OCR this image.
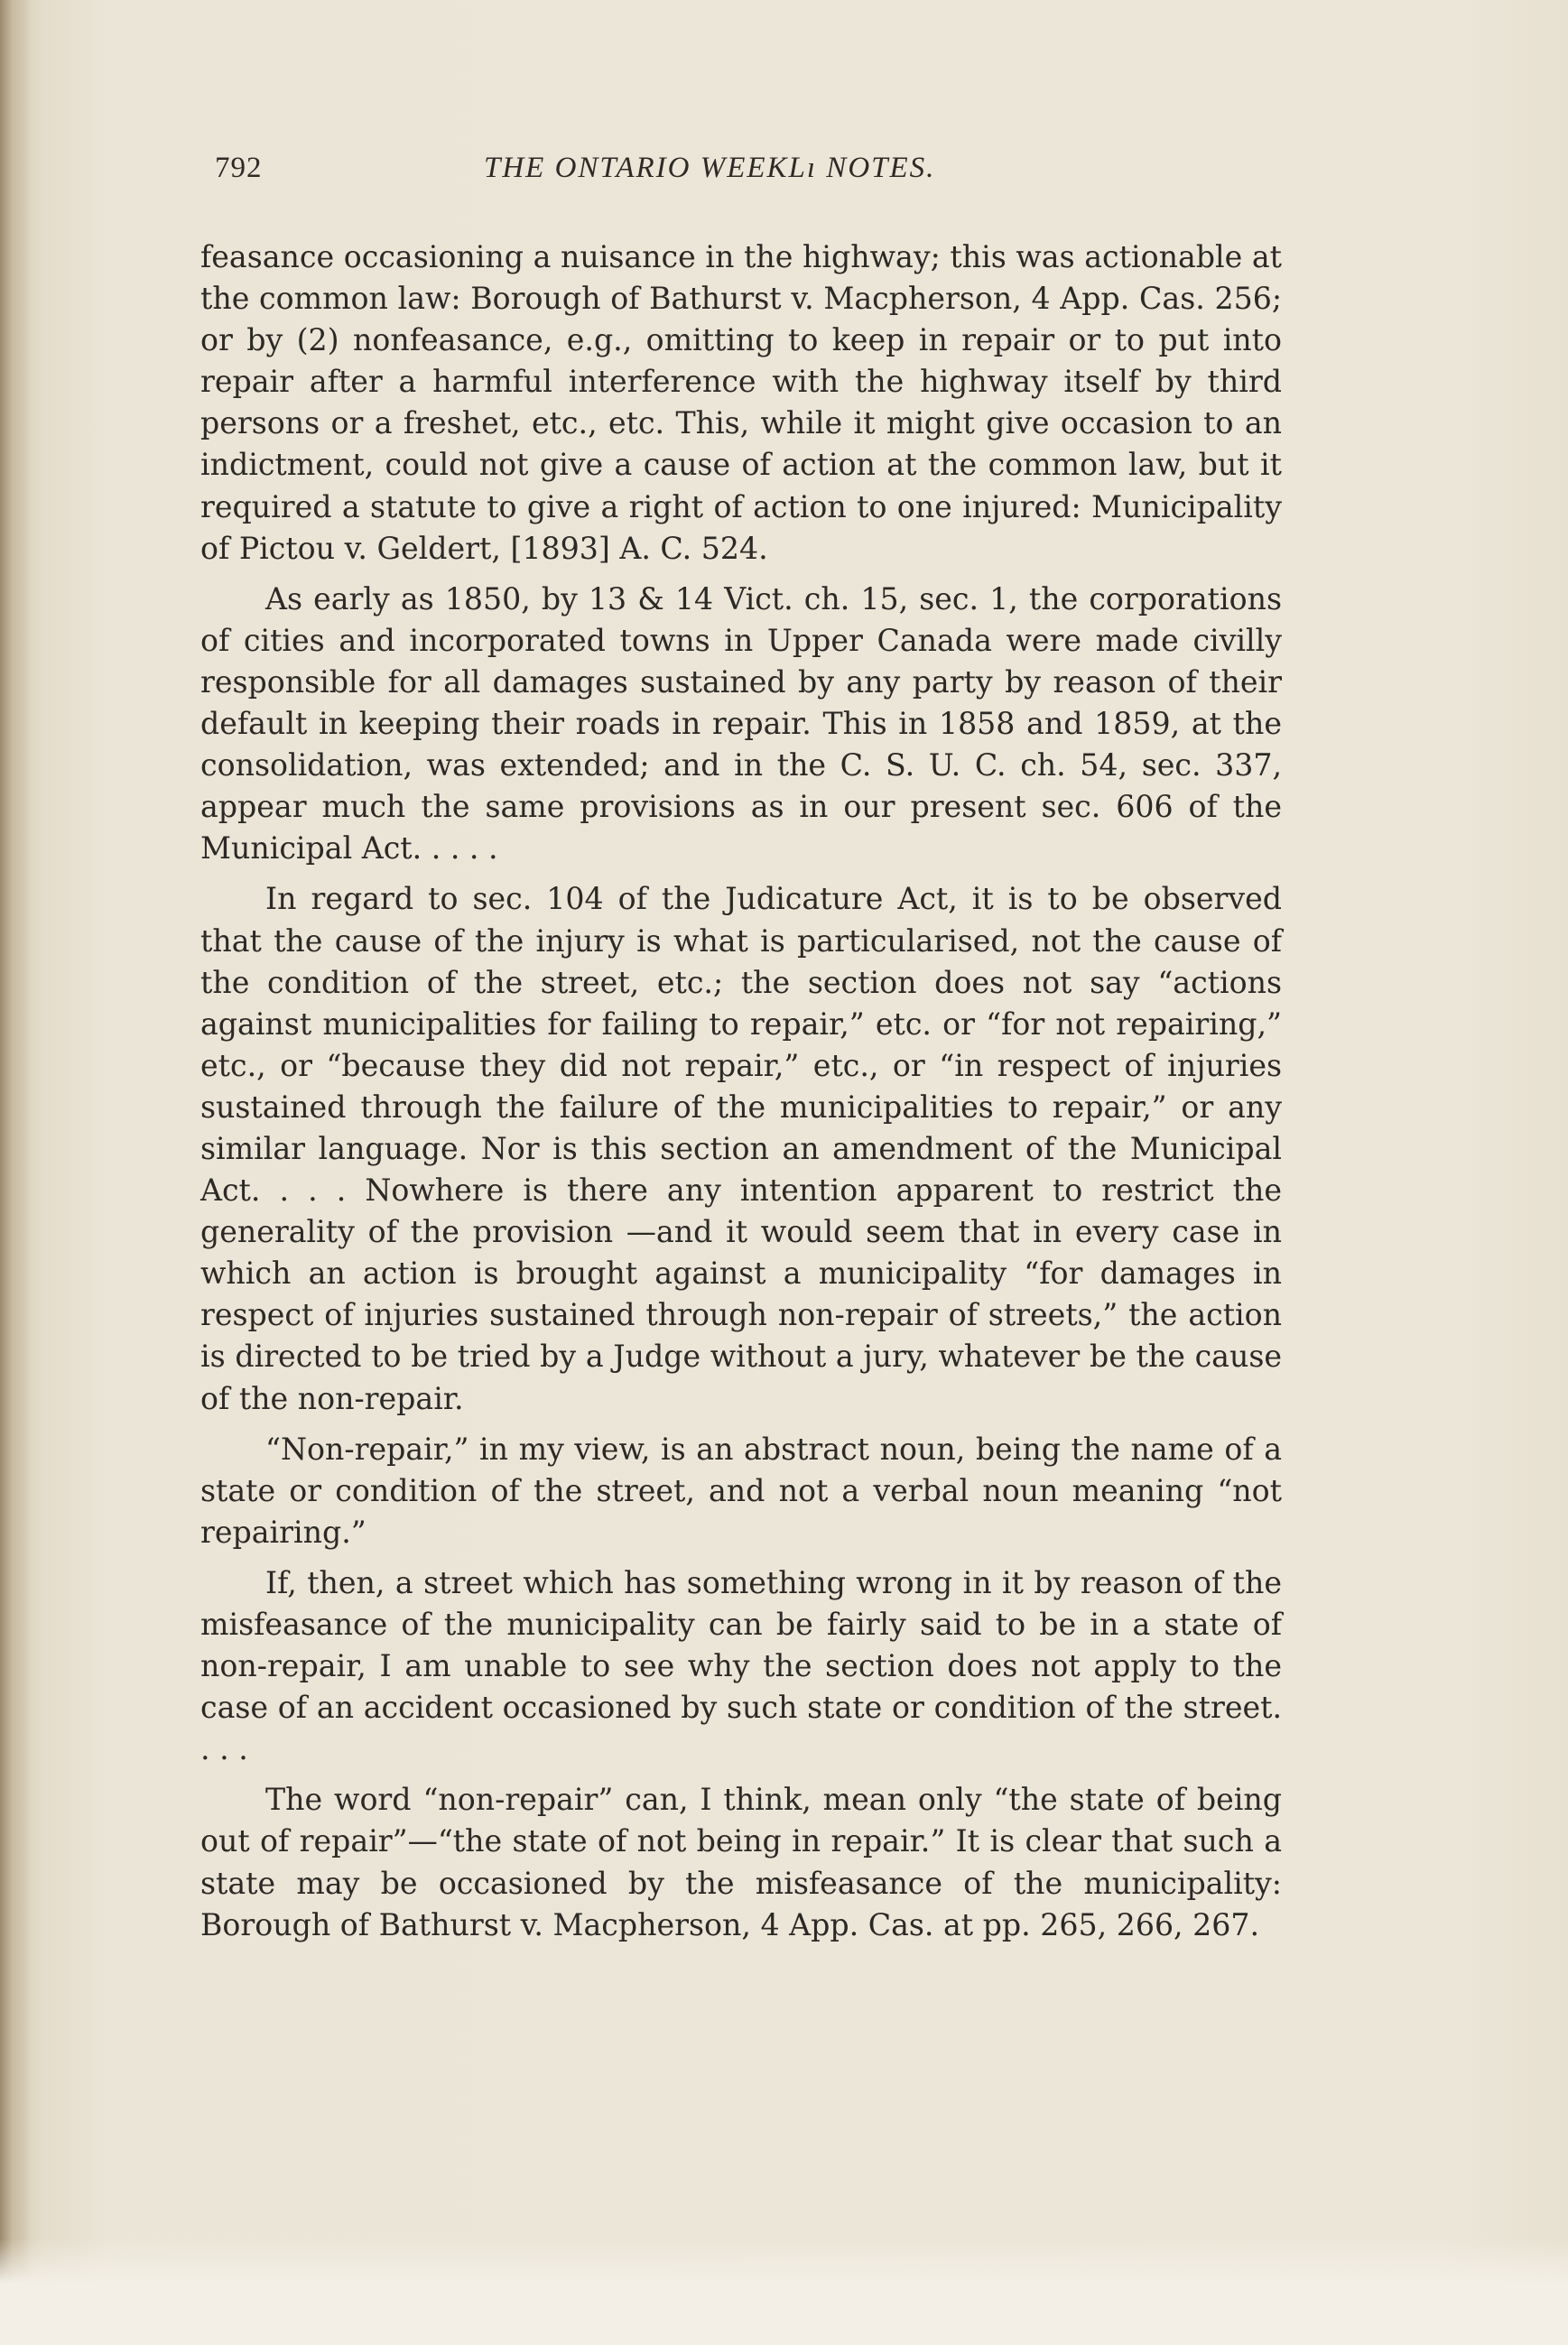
792	THE ONTARIO WEEKLı NOTES.

feasance occasioning a nuisance in the highway; this was actionable at the common law: Borough of Bathurst v. Macpherson, 4 App. Cas. 256; or by (2) nonfeasance, e.g., omitting to keep in repair or to put into repair after a harmful interference with the highway itself by third persons or a freshet, etc., etc. This, while it might give occasion to an indictment, could not give a cause of action at the common law, but it required a statute to give a right of action to one injured: Municipality of Pictou v. Geldert, [1893] A. C. 524.

As early as 1850, by 13 & 14 Vict. ch. 15, sec. 1, the corporations of cities and incorporated towns in Upper Canada were made civilly responsible for all damages sustained by any party by reason of their default in keeping their roads in repair. This in 1858 and 1859, at the consolidation, was extended; and in the C. S. U. C. ch. 54, sec. 337, appear much the same provisions as in our present sec. 606 of the Municipal Act. . . . .

In regard to sec. 104 of the Judicature Act, it is to be observed that the cause of the injury is what is particularised, not the cause of the condition of the street, etc.; the section does not say “actions against municipalities for failing to repair,” etc. or “for not repairing,” etc., or “because they did not repair,” etc., or “in respect of injuries sustained through the failure of the municipalities to repair,” or any similar language. Nor is this section an amendment of the Municipal Act. . . . Nowhere is there any intention apparent to restrict the generality of the provision —and it would seem that in every case in which an action is brought against a municipality “for damages in respect of injuries sustained through non-repair of streets,” the action is directed to be tried by a Judge without a jury, whatever be the cause of the non-repair.

“Non-repair,” in my view, is an abstract noun, being the name of a state or condition of the street, and not a verbal noun meaning “not repairing.”

If, then, a street which has something wrong in it by reason of the misfeasance of the municipality can be fairly said to be in a state of non-repair, I am unable to see why the section does not apply to the case of an accident occasioned by such state or condition of the street. . . .

The word “non-repair” can, I think, mean only “the state of being out of repair”—“the state of not being in repair.” It is clear that such a state may be occasioned by the misfeasance of the municipality: Borough of Bathurst v. Macpherson, 4 App. Cas. at pp. 265, 266, 267.
